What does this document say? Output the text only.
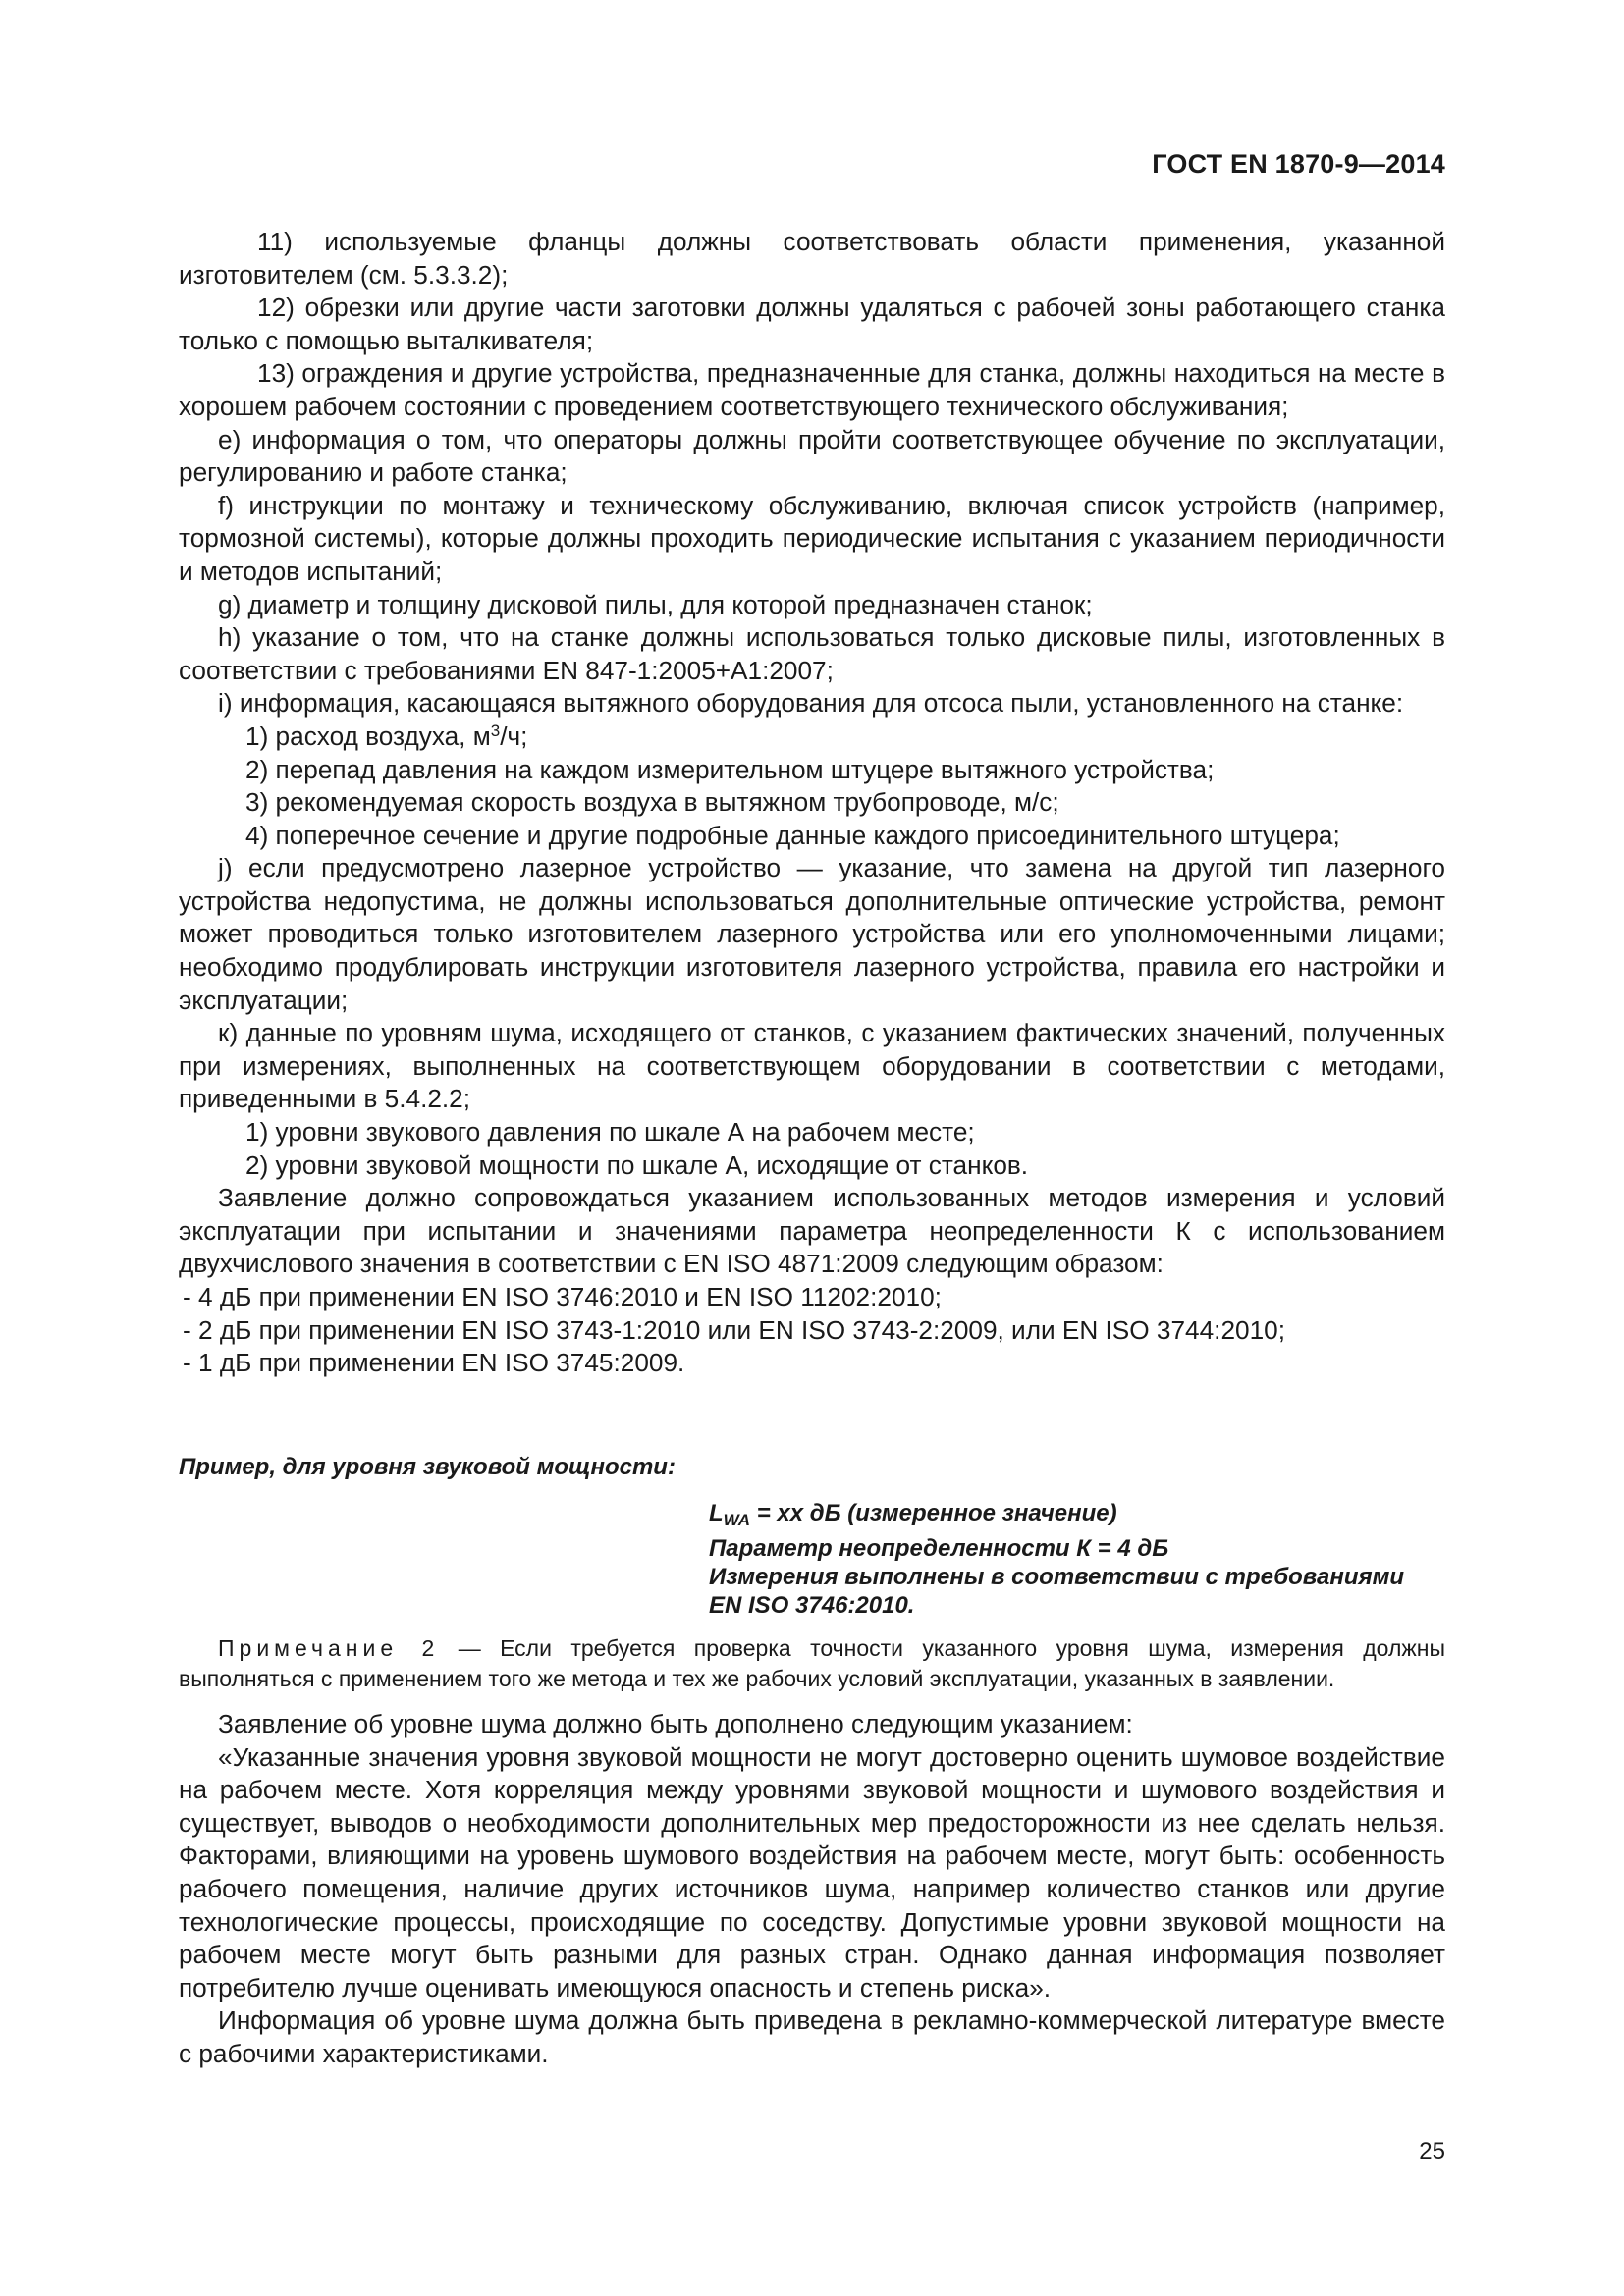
ГОСТ EN 1870-9—2014

11) используемые фланцы должны соответствовать области применения, указанной изготовителем (см. 5.3.3.2);

12) обрезки или другие части заготовки должны удаляться с рабочей зоны работающего станка только с помощью выталкивателя;

13) ограждения и другие устройства, предназначенные для станка, должны находиться на месте в хорошем рабочем состоянии с проведением соответствующего технического обслуживания;

e) информация о том, что операторы должны пройти соответствующее обучение по эксплуатации, регулированию и работе станка;

f) инструкции по монтажу и техническому обслуживанию, включая список устройств (например, тормозной системы), которые должны проходить периодические испытания с указанием периодичности и методов испытаний;

g) диаметр и толщину дисковой пилы, для которой предназначен станок;

h) указание о том, что на станке должны использоваться только дисковые пилы, изготовленных в соответствии с требованиями EN 847-1:2005+A1:2007;

i) информация, касающаяся вытяжного оборудования для отсоса пыли, установленного на станке:

1) расход воздуха, $м^3/ч$;

2) перепад давления на каждом измерительном штуцере вытяжного устройства;

3) рекомендуемая скорость воздуха в вытяжном трубопроводе, м/с;

4) поперечное сечение и другие подробные данные каждого присоединительного штуцера;

j) если предусмотрено лазерное устройство — указание, что замена на другой тип лазерного устройства недопустима, не должны использоваться дополнительные оптические устройства, ремонт может проводиться только изготовителем лазерного устройства или его уполномоченными лицами; необходимо продублировать инструкции изготовителя лазерного устройства, правила его настройки и эксплуатации;

к) данные по уровням шума, исходящего от станков, с указанием фактических значений, полученных при измерениях, выполненных на соответствующем оборудовании в соответствии с методами, приведенными в 5.4.2.2;

1) уровни звукового давления по шкале А на рабочем месте;

2) уровни звуковой мощности по шкале А, исходящие от станков.

Заявление должно сопровождаться указанием использованных методов измерения и условий эксплуатации при испытании и значениями параметра неопределенности К с использованием двухчислового значения в соответствии с EN ISO 4871:2009 следующим образом:

- 4 дБ при применении EN ISO 3746:2010 и EN ISO 11202:2010;

- 2 дБ при применении EN ISO 3743-1:2010 или EN ISO 3743-2:2009, или EN ISO 3744:2010;

- 1 дБ при применении EN ISO 3745:2009.

Пример, для уровня звуковой мощности:
$L_{WA}$ = xx дБ (измеренное значение)
Параметр неопределенности К = 4 дБ
Измерения выполнены в соответствии с требованиями
EN ISO 3746:2010.
Примечание 2 — Если требуется проверка точности указанного уровня шума, измерения должны выполняться с применением того же метода и тех же рабочих условий эксплуатации, указанных в заявлении.

Заявление об уровне шума должно быть дополнено следующим указанием:

«Указанные значения уровня звуковой мощности не могут достоверно оценить шумовое воздействие на рабочем месте. Хотя корреляция между уровнями звуковой мощности и шумового воздействия и существует, выводов о необходимости дополнительных мер предосторожности из нее сделать нельзя. Факторами, влияющими на уровень шумового воздействия на рабочем месте, могут быть: особенность рабочего помещения, наличие других источников шума, например количество станков или другие технологические процессы, происходящие по соседству. Допустимые уровни звуковой мощности на рабочем месте могут быть разными для разных стран. Однако данная информация позволяет потребителю лучше оценивать имеющуюся опасность и степень риска».

Информация об уровне шума должна быть приведена в рекламно-коммерческой литературе вместе с рабочими характеристиками.

25
